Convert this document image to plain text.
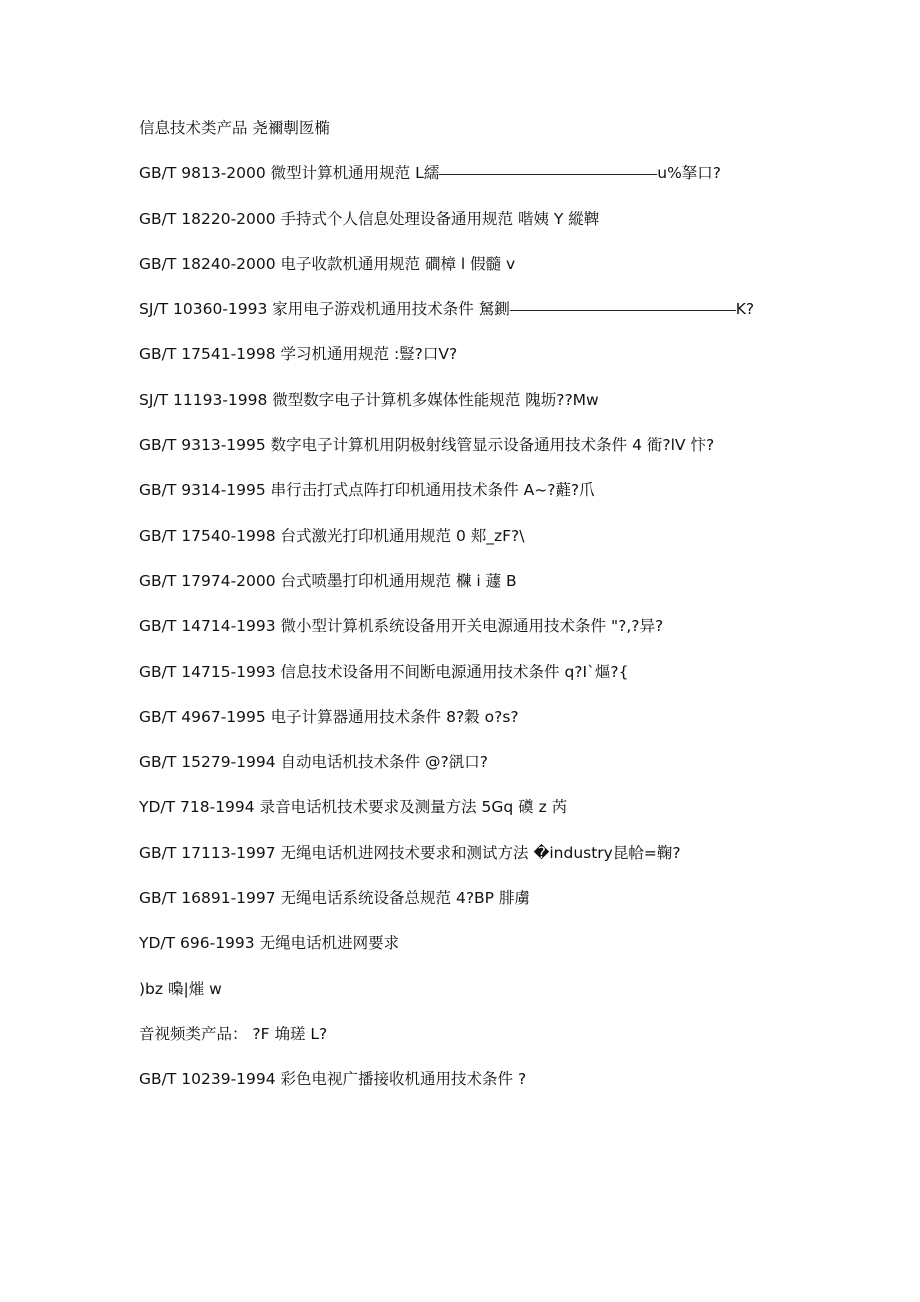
信息技术类产品 尧禰剸匢椭
GB/T 9813-2000 微型计算机通用规范 L繻	u%拏口?
GB/T 18220-2000 手持式个人信息处理设备通用规范 喈姨 Y 縱鞞
GB/T 18240-2000 电子收款机通用规范 磵樟 l 假髓 v
SJ/T 10360-1993 家用电子游戏机通用技术条件 駑鍘	K?
GB/T 17541-1998 学习机通用规范 :豎?口V?
SJ/T 11193-1998 微型数字电子计算机多媒体性能规范 隗坜??Mw
GB/T 9313-1995 数字电子计算机用阴极射线管显示设备通用技术条件 4 衜?lV 忭?
GB/T 9314-1995 串行击打式点阵打印机通用技术条件 A~?蘳?爪
GB/T 17540-1998 台式激光打印机通用规范 0 郏_zF?\
GB/T 17974-2000 台式喷墨打印机通用规范 樄 i 蘧 B
GB/T 14714-1993 微小型计算机系统设备用开关电源通用技术条件 "?,?异?
GB/T 14715-1993 信息技术设备用不间断电源通用技术条件 q?I`熰?{
GB/T 4967-1995 电子计算器通用技术条件 8?穀 o?s?
GB/T 15279-1994 自动电话机技术条件 @?谻口?
YD/T 718-1994 录音电话机技术要求及测量方法 5Gq 磸 z 芮
GB/T 17113-1997 无绳电话机进网技术要求和测试方法 �industry昆帢=鞠?
GB/T 16891-1997 无绳电话系统设备总规范 4?BP 腓虜
YD/T 696-1993 无绳电话机进网要求
)bz 嘄|熣 w
音视频类产品： ?F 埆瑳 L?
GB/T 10239-1994 彩色电视广播接收机通用技术条件 ?
